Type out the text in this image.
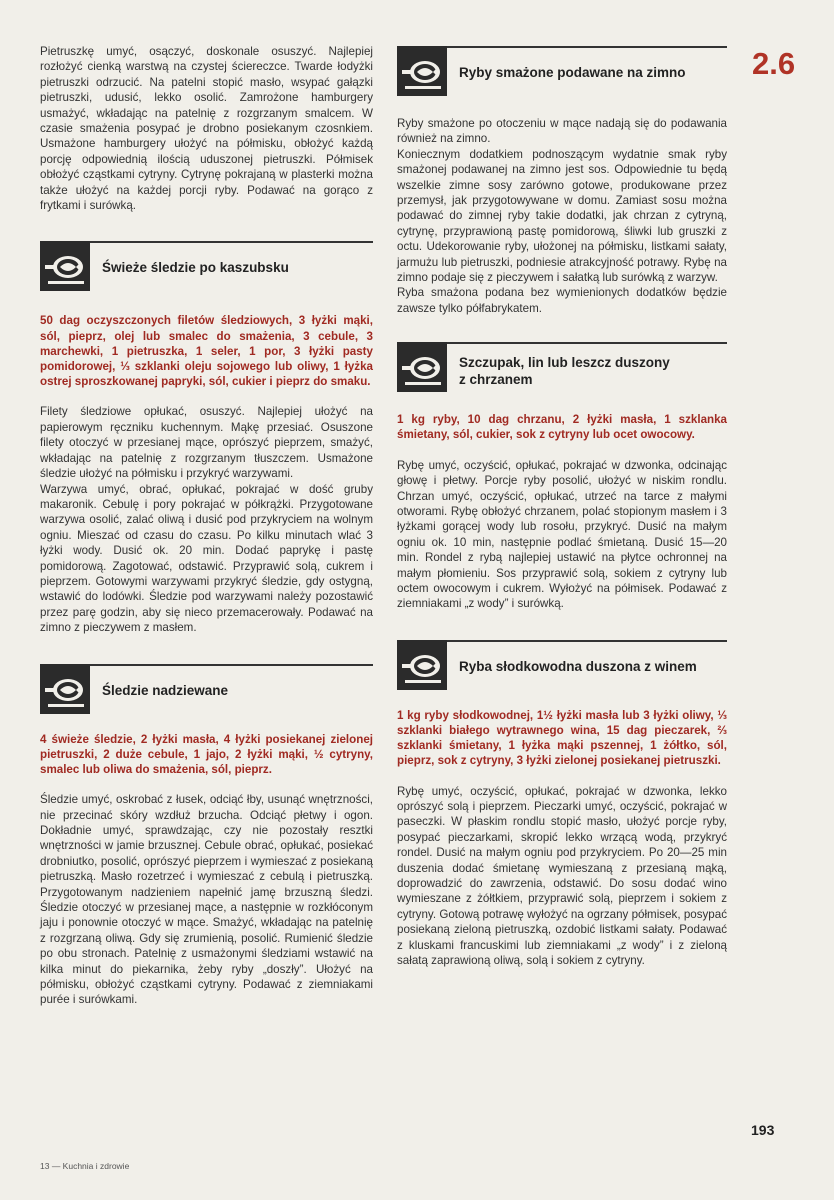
2.6

Pietruszkę umyć, osączyć, doskonale osuszyć. Najlepiej rozłożyć cienką warstwą na czystej ściereczce. Twarde łodyżki pietruszki odrzucić. Na patelni stopić masło, wsypać gałązki pietruszki, udusić, lekko osolić. Zamrożone hamburgery usmażyć, wkładając na patelnię z rozgrzanym smalcem. W czasie smażenia posypać je drobno posiekanym czosnkiem. Usmażone hamburgery ułożyć na półmisku, obłożyć każdą porcję odpowiednią ilością uduszonej pietruszki. Półmisek obłożyć cząstkami cytryny. Cytrynę pokrajaną w plasterki można także ułożyć na każdej porcji ryby. Podawać na gorąco z frytkami i surówką.

Świeże śledzie po kaszubsku

50 dag oczyszczonych filetów śledziowych, 3 łyżki mąki, sól, pieprz, olej lub smalec do smażenia, 3 cebule, 3 marchewki, 1 pietruszka, 1 seler, 1 por, 3 łyżki pasty pomidorowej, ⅓ szklanki oleju sojowego lub oliwy, 1 łyżka ostrej sproszkowanej papryki, sól, cukier i pieprz do smaku.

Filety śledziowe opłukać, osuszyć. Najlepiej ułożyć na papierowym ręczniku kuchennym. Mąkę przesiać. Osuszone filety otoczyć w przesianej mące, oprószyć pieprzem, smażyć, wkładając na patelnię z rozgrzanym tłuszczem. Usmażone śledzie ułożyć na półmisku i przykryć warzywami.

Warzywa umyć, obrać, opłukać, pokrajać w dość gruby makaronik. Cebulę i pory pokrajać w półkrążki. Przygotowane warzywa osolić, zalać oliwą i dusić pod przykryciem na wolnym ogniu. Mieszać od czasu do czasu. Po kilku minutach wlać 3 łyżki wody. Dusić ok. 20 min. Dodać paprykę i pastę pomidorową. Zagotować, odstawić. Przyprawić solą, cukrem i pieprzem. Gotowymi warzywami przykryć śledzie, gdy ostygną, wstawić do lodówki. Śledzie pod warzywami należy pozostawić przez parę godzin, aby się nieco przemacerowały. Podawać na zimno z pieczywem z masłem.

Śledzie nadziewane

4 świeże śledzie, 2 łyżki masła, 4 łyżki posiekanej zielonej pietruszki, 2 duże cebule, 1 jajo, 2 łyżki mąki, ½ cytryny, smalec lub oliwa do smażenia, sól, pieprz.

Śledzie umyć, oskrobać z łusek, odciąć łby, usunąć wnętrzności, nie przecinać skóry wzdłuż brzucha. Odciąć płetwy i ogon. Dokładnie umyć, sprawdzając, czy nie pozostały resztki wnętrzności w jamie brzusznej. Cebule obrać, opłukać, posiekać drobniutko, posolić, oprószyć pieprzem i wymieszać z posiekaną pietruszką. Masło rozetrzeć i wymieszać z cebulą i pietruszką. Przygotowanym nadzieniem napełnić jamę brzuszną śledzi. Śledzie otoczyć w przesianej mące, a następnie w rozkłóconym jaju i ponownie otoczyć w mące. Smażyć, wkładając na patelnię z rozgrzaną oliwą. Gdy się zrumienią, posolić. Rumienić śledzie po obu stronach. Patelnię z usmażonymi śledziami wstawić na kilka minut do piekarnika, żeby ryby „doszły”. Ułożyć na półmisku, obłożyć cząstkami cytryny. Podawać z ziemniakami purée i surówkami.

Ryby smażone podawane na zimno

Ryby smażone po otoczeniu w mące nadają się do podawania również na zimno.

Koniecznym dodatkiem podnoszącym wydatnie smak ryby smażonej podawanej na zimno jest sos. Odpowiednie tu będą wszelkie zimne sosy zarówno gotowe, produkowane przez przemysł, jak przygotowywane w domu. Zamiast sosu można podawać do zimnej ryby takie dodatki, jak chrzan z cytryną, cytrynę, przyprawioną pastę pomidorową, śliwki lub gruszki z octu. Udekorowanie ryby, ułożonej na półmisku, listkami sałaty, jarmużu lub pietruszki, podniesie atrakcyjność potrawy. Rybę na zimno podaje się z pieczywem i sałatką lub surówką z warzyw.

Ryba smażona podana bez wymienionych dodatków będzie zawsze tylko półfabrykatem.

Szczupak, lin lub leszcz duszony
z chrzanem

1 kg ryby, 10 dag chrzanu, 2 łyżki masła, 1 szklanka śmietany, sól, cukier, sok z cytryny lub ocet owocowy.

Rybę umyć, oczyścić, opłukać, pokrajać w dzwonka, odcinając głowę i płetwy. Porcje ryby posolić, ułożyć w niskim rondlu. Chrzan umyć, oczyścić, opłukać, utrzeć na tarce z małymi otworami. Rybę obłożyć chrzanem, polać stopionym masłem i 3 łyżkami gorącej wody lub rosołu, przykryć. Dusić na małym ogniu ok. 10 min, następnie podlać śmietaną. Dusić 15—20 min. Rondel z rybą najlepiej ustawić na płytce ochronnej na małym płomieniu. Sos przyprawić solą, sokiem z cytryny lub octem owocowym i cukrem. Wyłożyć na półmisek. Podawać z ziemniakami „z wody” i surówką.

Ryba słodkowodna duszona z winem

1 kg ryby słodkowodnej, 1½ łyżki masła lub 3 łyżki oliwy, ⅓ szklanki białego wytrawnego wina, 15 dag pieczarek, ⅔ szklanki śmietany, 1 łyżka mąki pszennej, 1 żółtko, sól, pieprz, sok z cytryny, 3 łyżki zielonej posiekanej pietruszki.

Rybę umyć, oczyścić, opłukać, pokrajać w dzwonka, lekko oprószyć solą i pieprzem. Pieczarki umyć, oczyścić, pokrajać w paseczki. W płaskim rondlu stopić masło, ułożyć porcje ryby, posypać pieczarkami, skropić lekko wrzącą wodą, przykryć rondel. Dusić na małym ogniu pod przykryciem. Po 20—25 min duszenia dodać śmietanę wymieszaną z przesianą mąką, doprowadzić do zawrzenia, odstawić. Do sosu dodać wino wymieszane z żółtkiem, przyprawić solą, pieprzem i sokiem z cytryny. Gotową potrawę wyłożyć na ogrzany półmisek, posypać posiekaną zieloną pietruszką, ozdobić listkami sałaty. Podawać z kluskami francuskimi lub ziemniakami „z wody” i z zieloną sałatą zaprawioną oliwą, solą i sokiem z cytryny.

193
13 — Kuchnia i zdrowie
